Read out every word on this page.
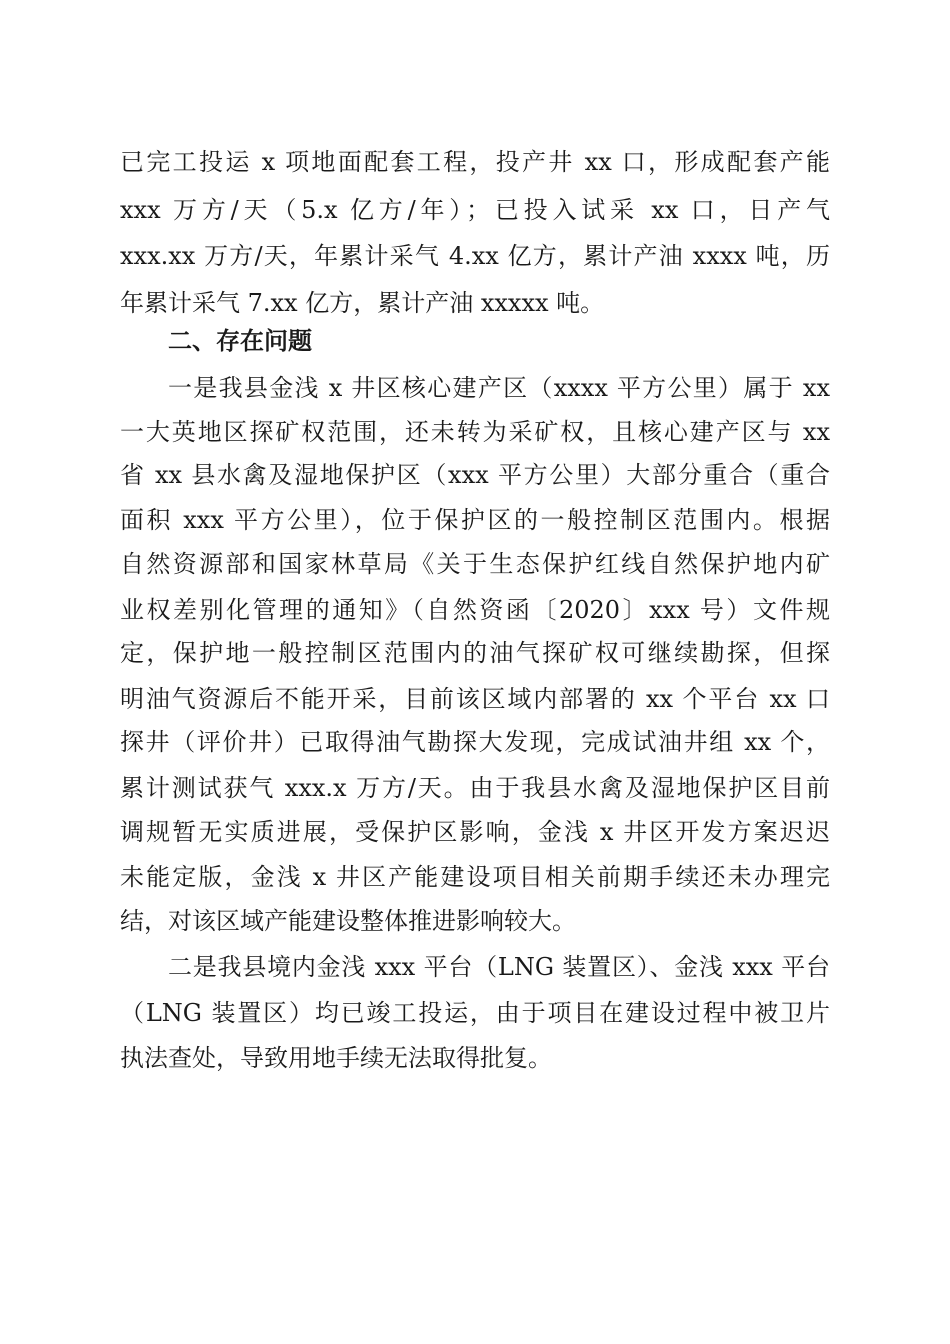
已完工投运 x 项地面配套工程，投产井 xx 口，形成配套产能
xxx 万方/天（5.x 亿方/年）；已投入试采 xx 口，日产气
xxx.xx 万方/天，年累计采气 4.xx 亿方，累计产油 xxxx 吨，历
年累计采气 7.xx 亿方，累计产油 xxxxx 吨。
二、存在问题
一是我县金浅 x 井区核心建产区（xxxx 平方公里）属于 xx
一大英地区探矿权范围，还未转为采矿权，且核心建产区与 xx
省 xx 县水禽及湿地保护区（xxx 平方公里）大部分重合（重合
面积 xxx 平方公里），位于保护区的一般控制区范围内。根据
自然资源部和国家林草局《关于生态保护红线自然保护地内矿
业权差别化管理的通知》（自然资函〔2020〕xxx 号）文件规
定，保护地一般控制区范围内的油气探矿权可继续勘探，但探
明油气资源后不能开采，目前该区域内部署的 xx 个平台 xx 口
探井（评价井）已取得油气勘探大发现，完成试油井组 xx 个，
累计测试获气 xxx.x 万方/天。由于我县水禽及湿地保护区目前
调规暂无实质进展，受保护区影响，金浅 x 井区开发方案迟迟
未能定版，金浅 x 井区产能建设项目相关前期手续还未办理完
结，对该区域产能建设整体推进影响较大。
二是我县境内金浅 xxx 平台（LNG 装置区）、金浅 xxx 平台
（LNG 装置区）均已竣工投运，由于项目在建设过程中被卫片
执法查处，导致用地手续无法取得批复。
